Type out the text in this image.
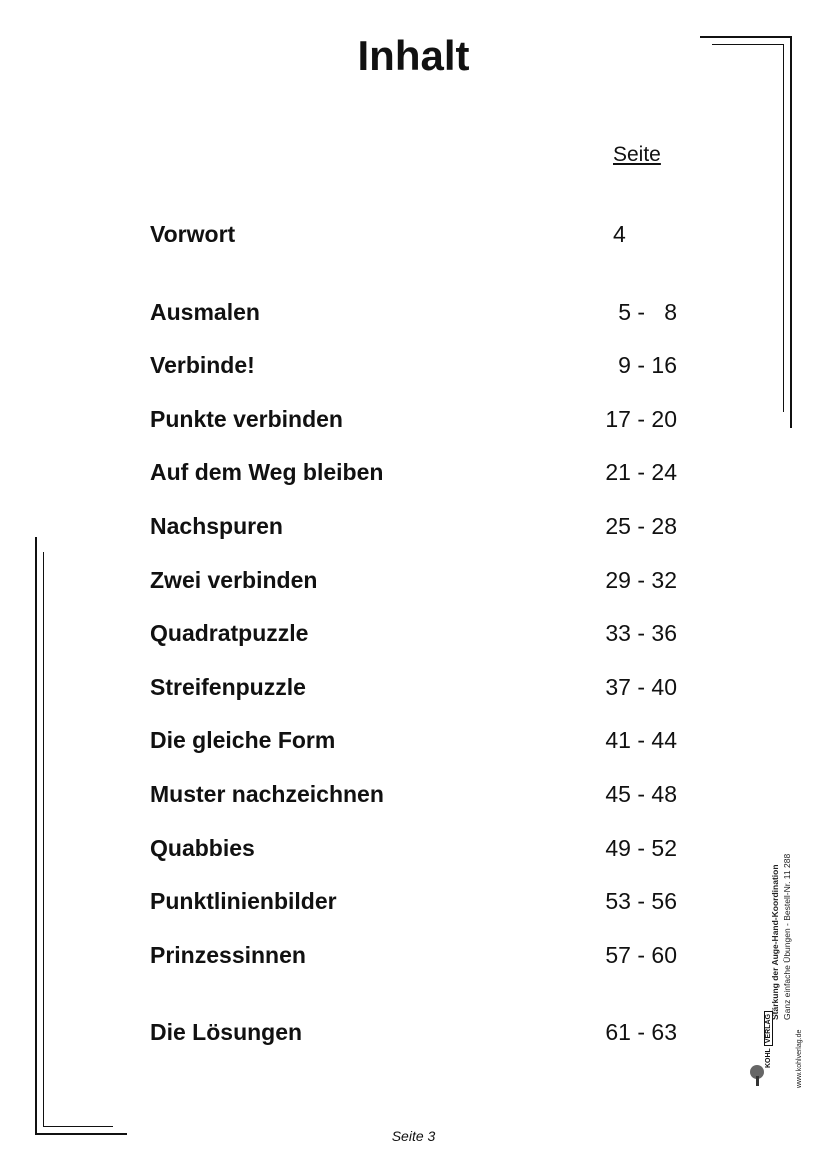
Inhalt
Seite
Vorwort	4
Ausmalen	5 -   8
Verbinde!	9 - 16
Punkte verbinden	17 - 20
Auf dem Weg bleiben	21 - 24
Nachspuren	25 - 28
Zwei verbinden	29 - 32
Quadratpuzzle	33 - 36
Streifenpuzzle	37 - 40
Die gleiche Form	41 - 44
Muster nachzeichnen	45 - 48
Quabbies	49 - 52
Punktlinienbilder	53 - 56
Prinzessinnen	57 - 60
Die Lösungen	61 - 63
KOHLVERLAG
Stärkung der Auge-Hand-Koordination Ganz einfache Übungen - Bestell-Nr. 11 288
www.kohlverlag.de
Seite 3
